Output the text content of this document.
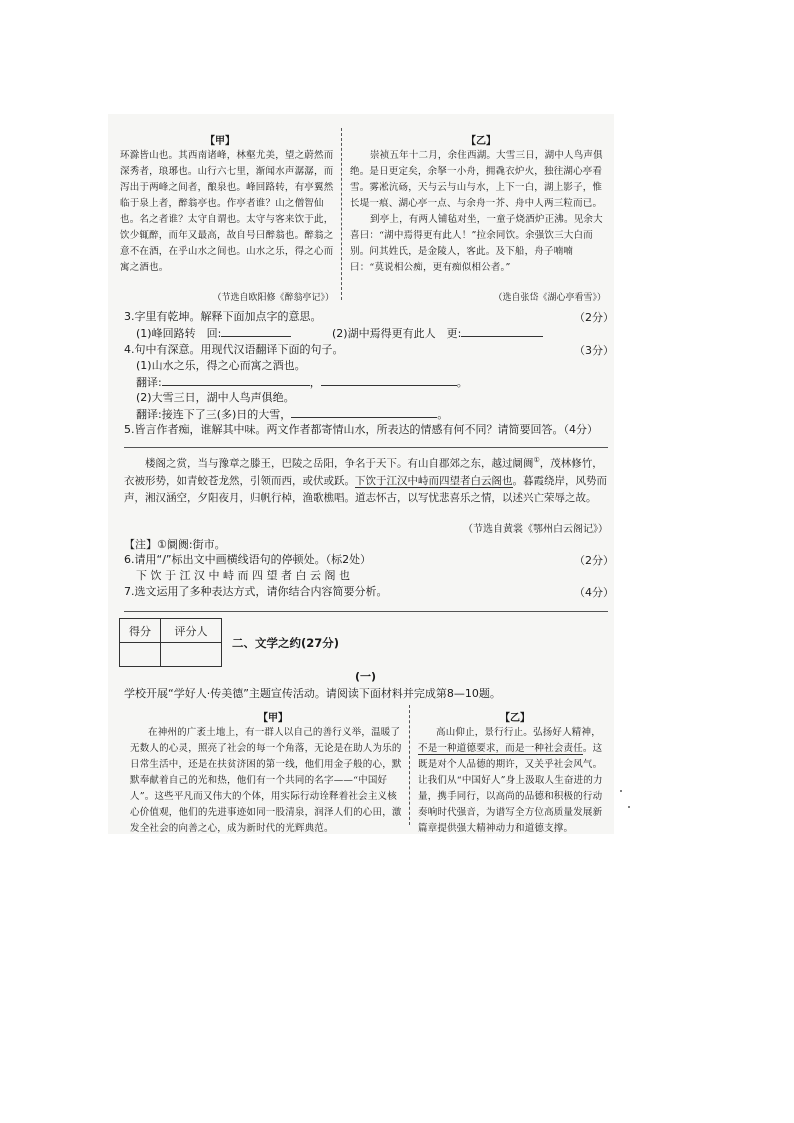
【甲】
环滁皆山也。其西南诸峰，林壑尤美，望之蔚然而深秀者，琅琊也。山行六七里，渐闻水声潺潺，而泻出于两峰之间者，酿泉也。峰回路转，有亭翼然临于泉上者，醉翁亭也。作亭者谁？山之僧智仙也。名之者谁？太守自谓也。太守与客来饮于此，饮少辄醉，而年又最高，故自号曰醉翁也。醉翁之意不在酒，在乎山水之间也。山水之乐，得之心而寓之酒也。
（节选自欧阳修《醉翁亭记》）
【乙】
崇祯五年十二月，余住西湖。大雪三日，湖中人鸟声俱绝。是日更定矣，余拏一小舟，拥毳衣炉火，独往湖心亭看雪。雾凇沆砀，天与云与山与水，上下一白，湖上影子，惟长堤一痕、湖心亭一点、与余舟一芥、舟中人两三粒而已。
到亭上，有两人铺毡对坐，一童子烧酒炉正沸。见余大喜曰：“湖中焉得更有此人！”拉余同饮。余强饮三大白而别。问其姓氏，是金陵人，客此。及下船，舟子喃喃曰：“莫说相公痴，更有痴似相公者。”
（选自张岱《湖心亭看雪》）
3.字里有乾坤。解释下面加点字的意思。	（2分）
(1)峰回路转　回:	(2)湖中焉得更有此人　更:
4.句中有深意。用现代汉语翻译下面的句子。	（3分）
(1)山水之乐，得之心而寓之酒也。
翻译:	，	。
(2)大雪三日，湖中人鸟声俱绝。
翻译:接连下了三(多)日的大雪，	。
5.皆言作者痴，谁解其中味。两文作者都寄情山水，所表达的情感有何不同？请简要回答。（4分）
楼阁之赏，当与豫章之滕王，巴陵之岳阳，争名于天下。有山自郡郊之东，越过阛阓①，茂林修竹，衣被形势，如青蛟苍龙然，引领而西，或伏或跃。下饮于江汉中峙而四望者白云阁也。暮霞绕岸，风势而声，湘汉涵空，夕阳夜月，归帆行棹，渔歌樵唱。道志怀古，以写忧悲喜乐之情，以述兴亡荣辱之故。
（节选自黄裳《鄂州白云阁记》）
【注】①阛阓:街市。
6.请用“/”标出文中画横线语句的停顿处。（标2处）	（2分）
下 饮 于 江 汉 中 峙 而 四 望 者 白 云 阁 也
7.选文运用了多种表达方式，请你结合内容简要分析。	（4分）
得分	评分人

二、文学之约(27分)
(一)
学校开展“学好人·传美德”主题宣传活动。请阅读下面材料并完成第8—10题。
【甲】
在神州的广袤土地上，有一群人以自己的善行义举，温暖了无数人的心灵，照亮了社会的每一个角落，无论是在助人为乐的日常生活中，还是在扶贫济困的第一线，他们用金子般的心，默默奉献着自己的光和热，他们有一个共同的名字——“中国好人”。这些平凡而又伟大的个体，用实际行动诠释着社会主义核心价值观，他们的先进事迹如同一股清泉，润泽人们的心田，激发全社会的向善之心，成为新时代的光辉典范。
【乙】
高山仰止，景行行止。弘扬好人精神，不是一种道德要求，而是一种社会责任。这既是对个人品德的期许，又关乎社会风气。让我们从“中国好人”身上汲取人生奋进的力量，携手同行，以高尚的品德和积极的行动奏响时代强音，为谱写全方位高质量发展新篇章提供强大精神动力和道德支撑。
